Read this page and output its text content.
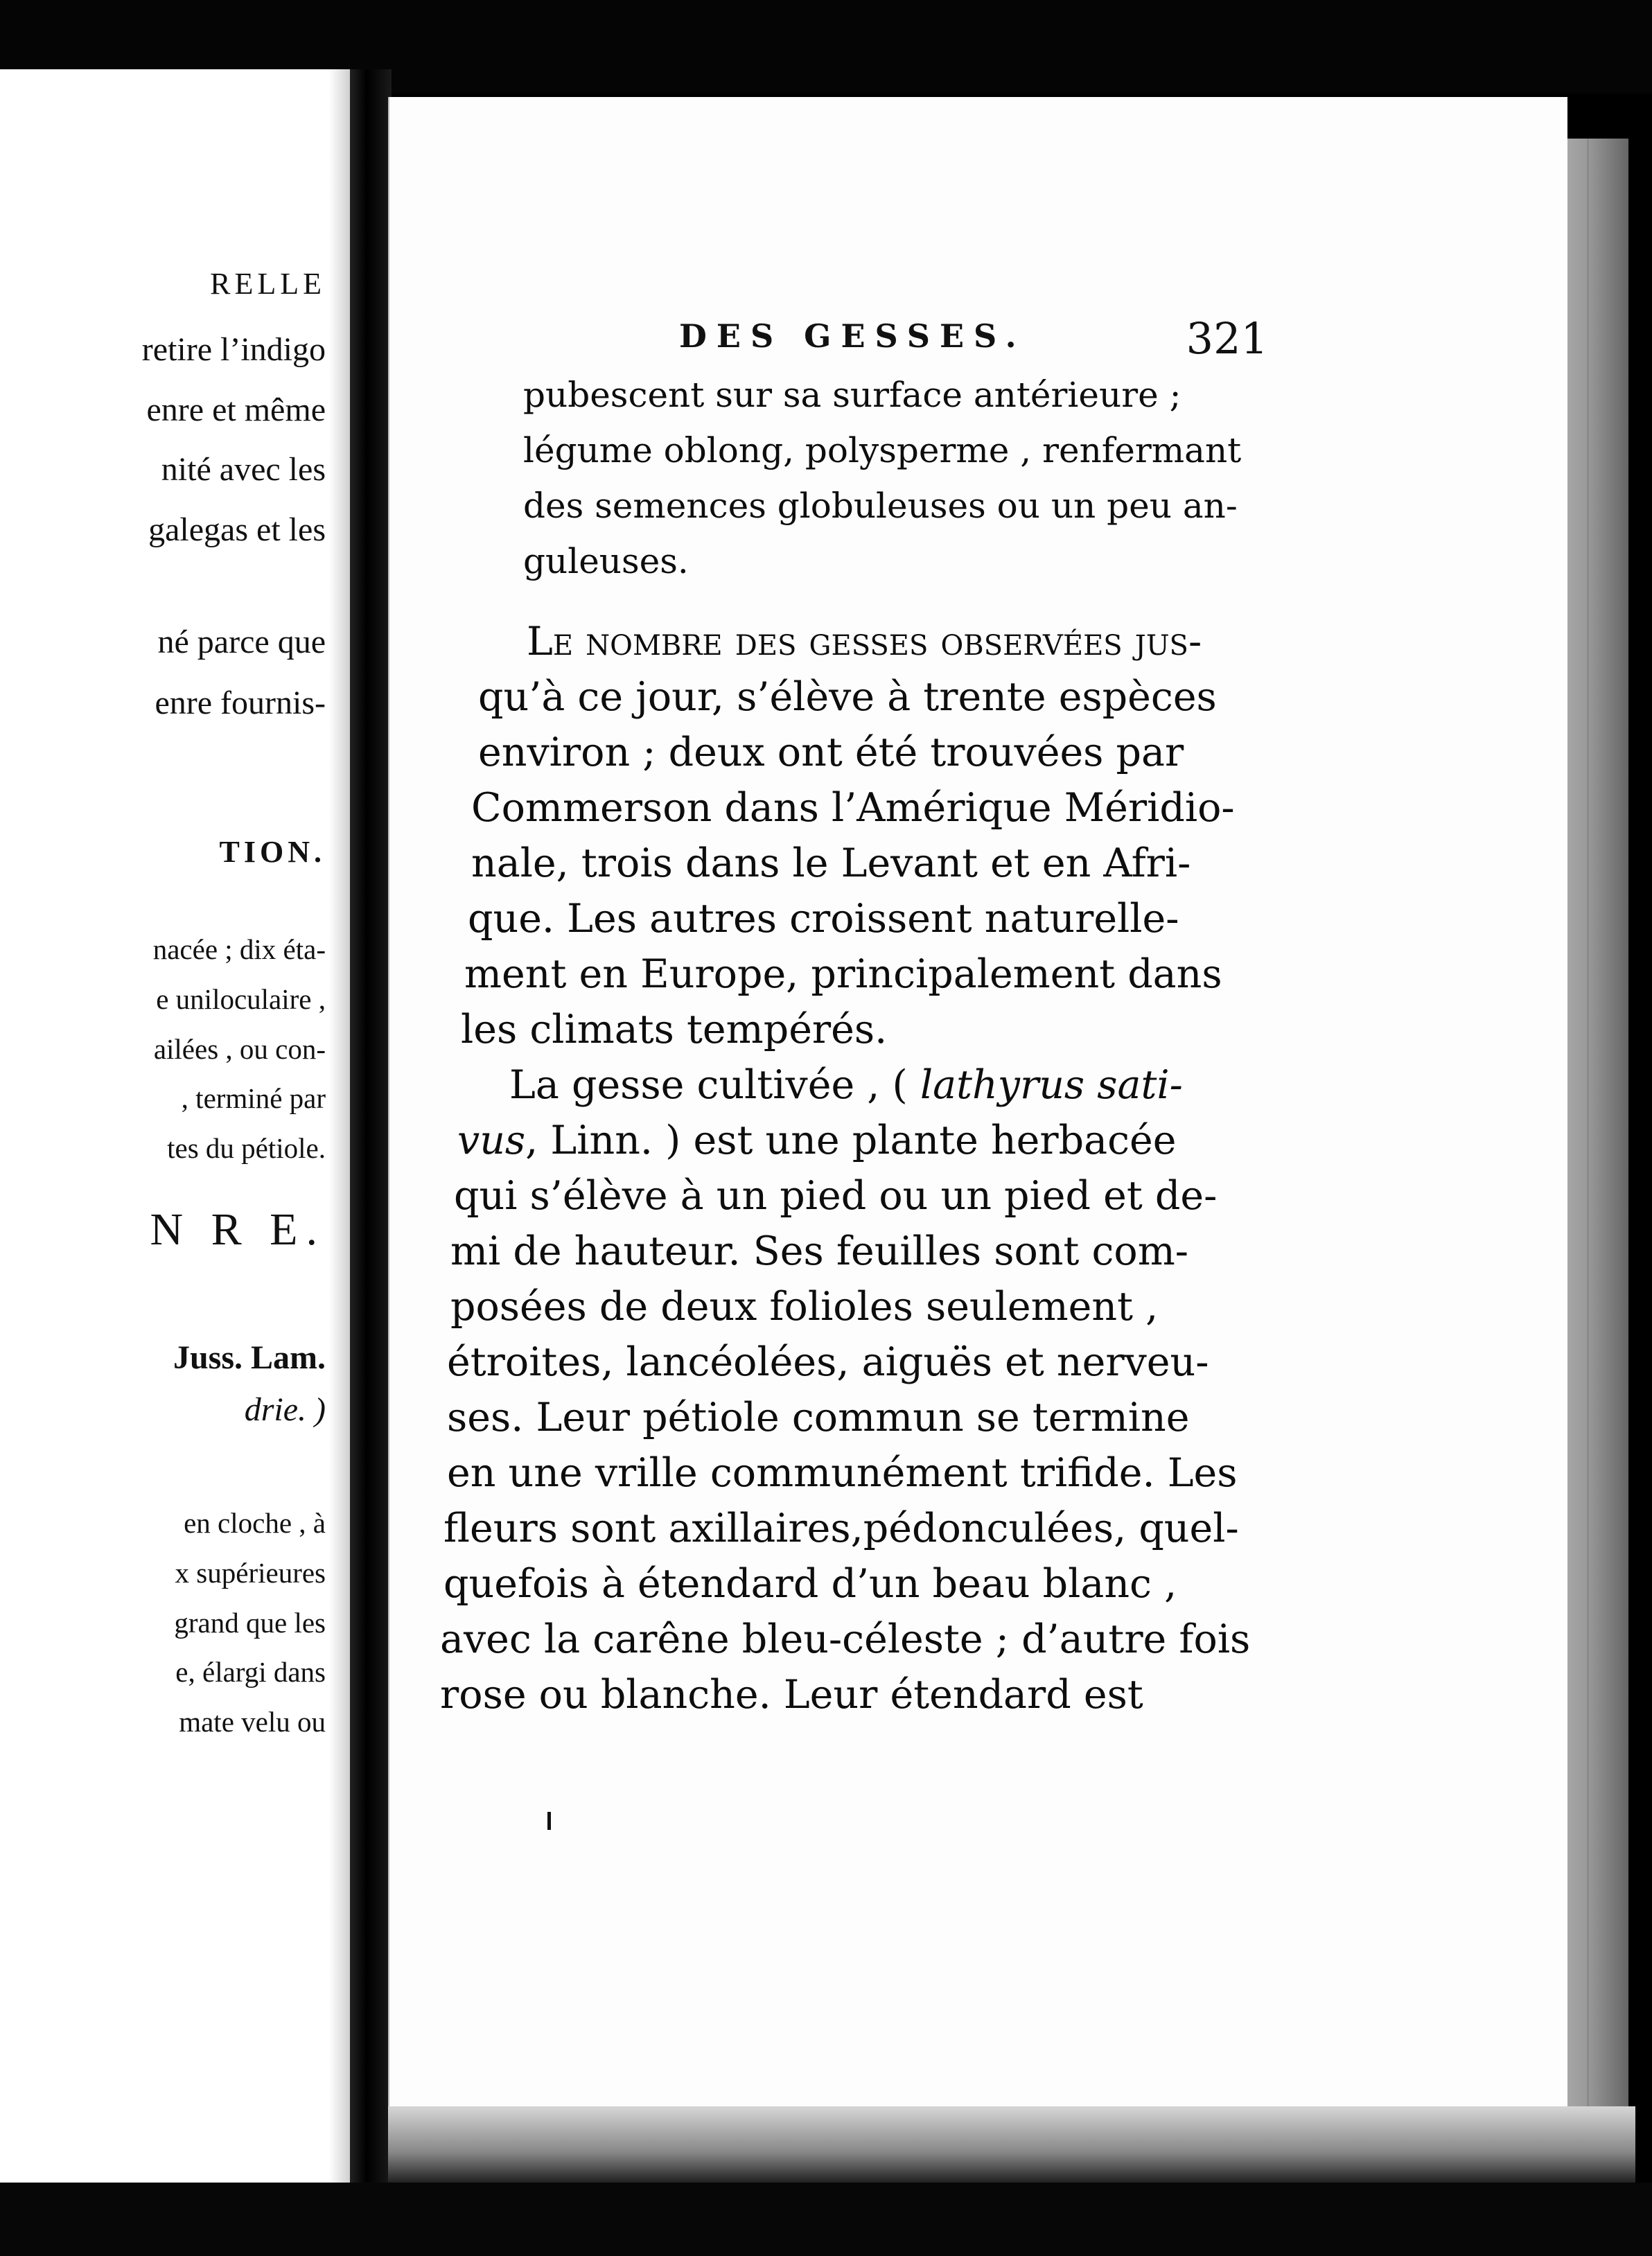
RELLE
retire l’indigo
enre et même
nité avec les
galegas et les
né parce que
enre fournis-
TION.
nacée ; dix éta-
e uniloculaire ,
ailées , ou con-
, terminé par
tes du pétiole.
N R E.
Juss. Lam.
drie. )
en cloche , à
x supérieures
grand que les
e, élargi dans
mate velu ou
DES GESSES.	321
pubescent sur sa surface antérieure ;
légume oblong, polysperme , renfermant
des semences globuleuses ou un peu an-
guleuses.
Le nombre des gesses observées jus-
qu’à ce jour, s’élève à trente espèces
environ ; deux ont été trouvées par
Commerson dans l’Amérique Méridio-
nale, trois dans le Levant et en Afri-
que. Les autres croissent naturelle-
ment en Europe, principalement dans
les climats tempérés.
La gesse cultivée , ( lathyrus sati-
vus, Linn. ) est une plante herbacée
qui s’élève à un pied ou un pied et de-
mi de hauteur. Ses feuilles sont com-
posées de deux folioles seulement ,
étroites, lancéolées, aiguës et nerveu-
ses. Leur pétiole commun se termine
en une vrille communément trifide. Les
fleurs sont axillaires,pédonculées, quel-
quefois à étendard d’un beau blanc ,
avec la carêne bleu-céleste ; d’autre fois
rose ou blanche. Leur étendard est
